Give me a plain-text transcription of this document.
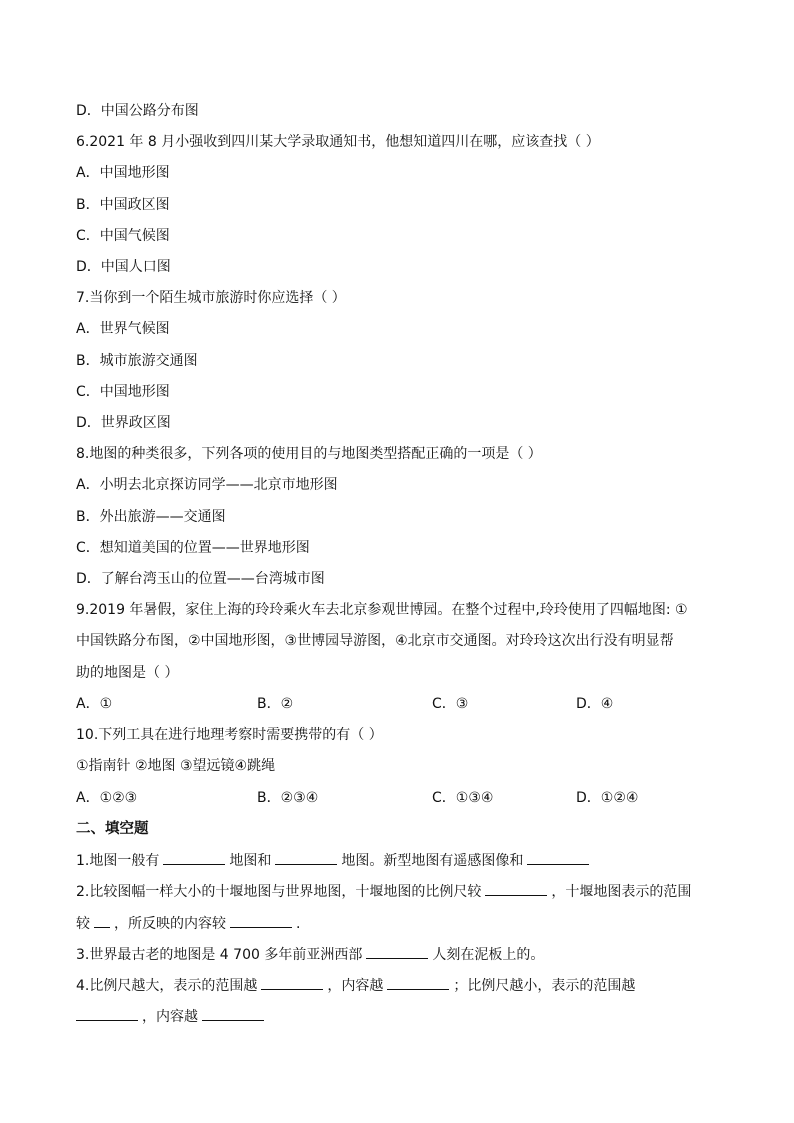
D．中国公路分布图
6.2021 年 8 月小强收到四川某大学录取通知书，他想知道四川在哪，应该查找（ ）
A．中国地形图
B．中国政区图
C．中国气候图
D．中国人口图
7.当你到一个陌生城市旅游时你应选择（ ）
A．世界气候图
B．城市旅游交通图
C．中国地形图
D．世界政区图
8.地图的种类很多，下列各项的使用目的与地图类型搭配正确的一项是（ ）
A．小明去北京探访同学——北京市地形图
B．外出旅游——交通图
C．想知道美国的位置——世界地形图
D．了解台湾玉山的位置——台湾城市图
9.2019 年暑假，家住上海的玲玲乘火车去北京参观世博园。在整个过程中,玲玲使用了四幅地图: ①
中国铁路分布图，②中国地形图，③世博园导游图，④北京市交通图。对玲玲这次出行没有明显帮
助的地图是（ ）
A．①	B．②	C．③	D．④
10.下列工具在进行地理考察时需要携带的有（ ）
①指南针 ②地图 ③望远镜④跳绳
A．①②③	B．②③④	C．①③④	D．①②④
二、填空题
1.地图一般有	地图和	地图。新型地图有遥感图像和
2.比较图幅一样大小的十堰地图与世界地图，十堰地图的比例尺较	，十堰地图表示的范围
较 ，所反映的内容较	.
3.世界最古老的地图是 4 700 多年前亚洲西部	人刻在泥板上的。
4.比例尺越大，表示的范围越	，内容越	；比例尺越小，表示的范围越
，内容越
